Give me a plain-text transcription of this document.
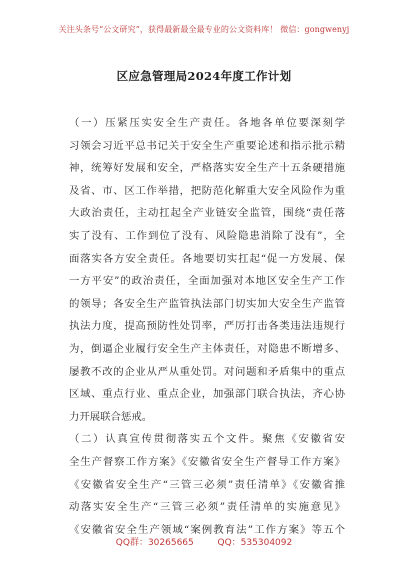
关注头条号“公文研究”，获得最新最全最专业的公文资料库！ 微信：gongwenyj
区应急管理局2024年度工作计划
（一）压紧压实安全生产责任。各地各单位要深刻学
习领会习近平总书记关于安全生产重要论述和指示批示精
神，统筹好发展和安全，严格落实安全生产十五条硬措施
及省、市、区工作举措，把防范化解重大安全风险作为重
大政治责任，主动扛起全产业链安全监管，围绕“责任落
实了没有、工作到位了没有、风险隐患消除了没有”，全
面落实各方安全责任。各地要切实扛起“促一方发展、保
一方平安”的政治责任，全面加强对本地区安全生产工作
的领导；各安全生产监管执法部门切实加大安全生产监管
执法力度，提高预防性处罚率，严厉打击各类违法违规行
为，倒逼企业履行安全生产主体责任，对隐患不断增多、
屡教不改的企业从严从重处罚。对问题和矛盾集中的重点
区域、重点行业、重点企业，加强部门联合执法，齐心协
力开展联合惩戒。
（二）认真宣传贯彻落实五个文件。聚焦《安徽省安
全生产督察工作方案》《安徽省安全生产督导工作方案》
《安徽省安全生产“三管三必须”责任清单》《安徽省推
动落实安全生产“三管三必须”责任清单的实施意见》
《安徽省安全生产领域“案例教育法”工作方案》等五个
QQ群：30265665	QQ：535304092
